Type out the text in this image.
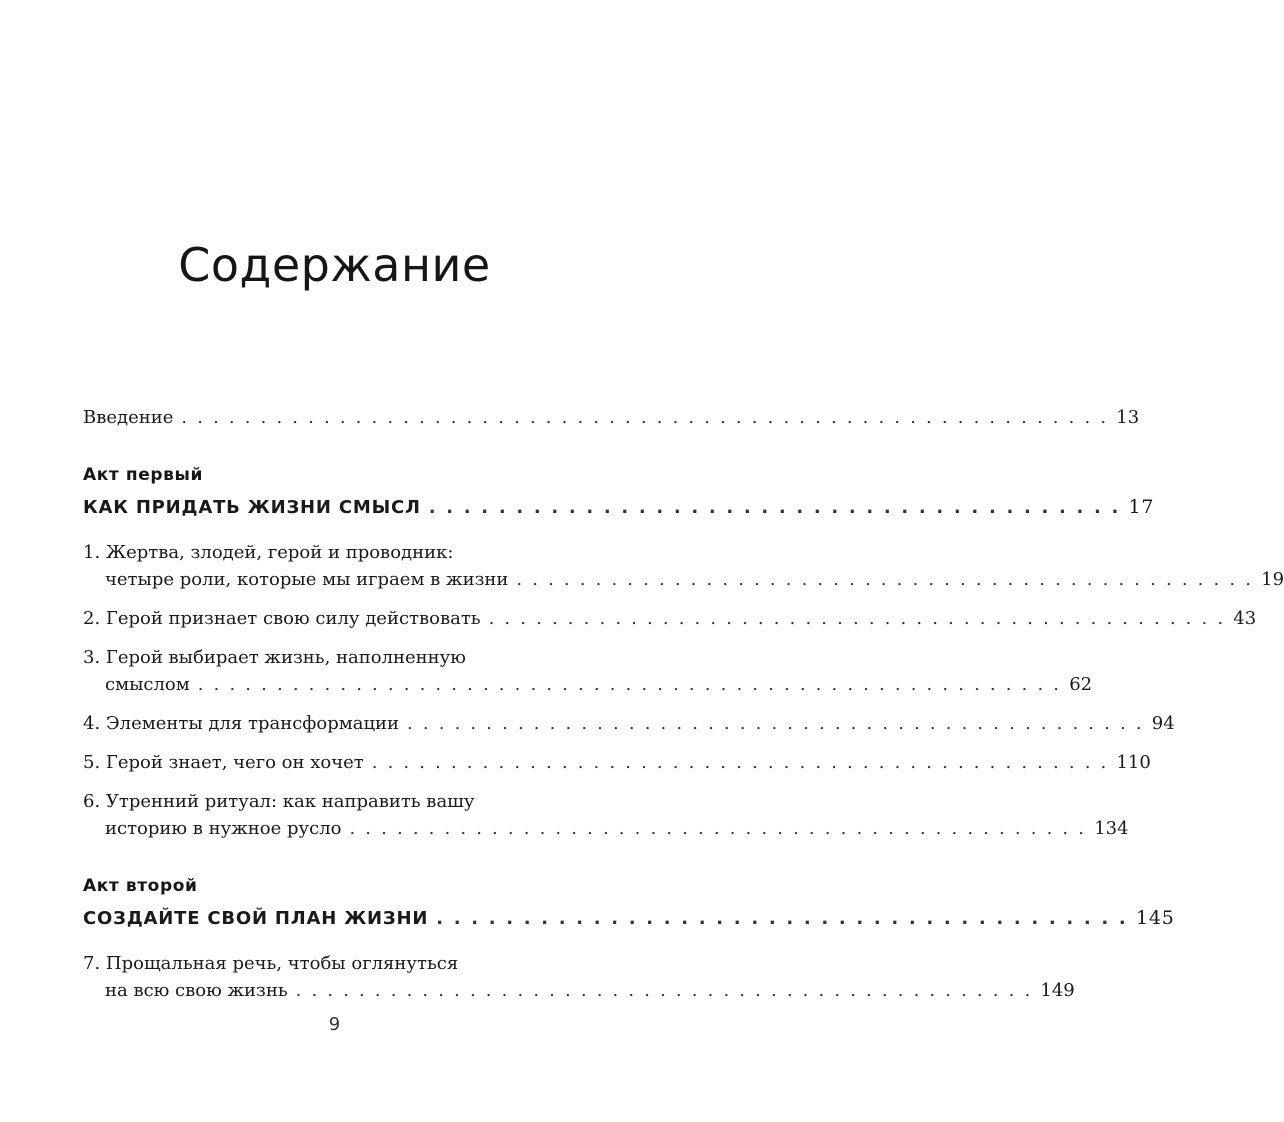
Содержание
Введение . . . . . . . . . . . . . . . . . . . . . . . . . . . . . . . . . . . . . . . . . . . . . . . . . . . . . . . . . . . 13
Акт первый
КАК ПРИДАТЬ ЖИЗНИ СМЫСЛ . . . . . . . . . . . . . . . . . . . . . . . . . . . . . . . . . . . . . . . . 17
1. Жертва, злодей, герой и проводник:
четыре роли, которые мы играем в жизни . . . . . . . . . . . . . . . . . . . . . . . . . . . . . . . . . . . . . . . . . . . . . . . 19
2. Герой признает свою силу действовать . . . . . . . . . . . . . . . . . . . . . . . . . . . . . . . . . . . . . . . . . . . . . . . 43
3. Герой выбирает жизнь, наполненную
смыслом . . . . . . . . . . . . . . . . . . . . . . . . . . . . . . . . . . . . . . . . . . . . . . . . . . . . . . . 62
4. Элементы для трансформации . . . . . . . . . . . . . . . . . . . . . . . . . . . . . . . . . . . . . . . . . . . . . . . 94
5. Герой знает, чего он хочет . . . . . . . . . . . . . . . . . . . . . . . . . . . . . . . . . . . . . . . . . . . . . . . 110
6. Утренний ритуал: как направить вашу
историю в нужное русло . . . . . . . . . . . . . . . . . . . . . . . . . . . . . . . . . . . . . . . . . . . . . . . 134
Акт второй
СОЗДАЙТЕ СВОЙ ПЛАН ЖИЗНИ . . . . . . . . . . . . . . . . . . . . . . . . . . . . . . . . . . . . . . . . 145
7. Прощальная речь, чтобы оглянуться
на всю свою жизнь . . . . . . . . . . . . . . . . . . . . . . . . . . . . . . . . . . . . . . . . . . . . . . . 149
9
